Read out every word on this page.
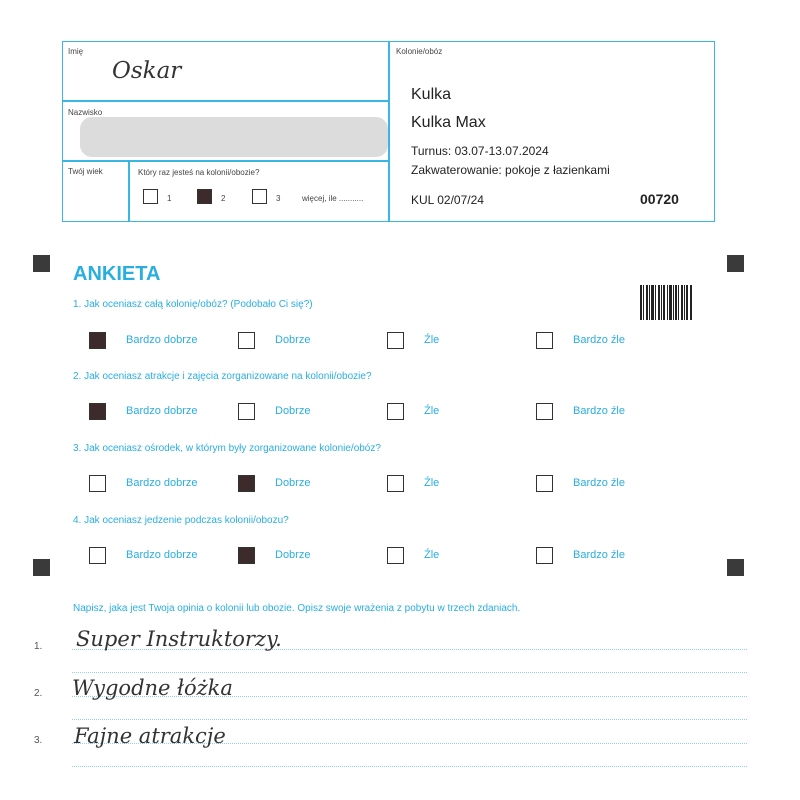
Imię
Oskar
Nazwisko
Twój wiek	Który raz jesteś na kolonii/obozie?
1	2	3	więcej, ile ...........
Kolonie/obóz
Kulka
Kulka Max
Turnus: 03.07-13.07.2024
Zakwaterowanie: pokoje z łazienkami
KUL 02/07/24	00720
ANKIETA
1. Jak oceniasz całą kolonię/obóz? (Podobało Ci się?)
2. Jak oceniasz atrakcje i zajęcia zorganizowane na kolonii/obozie?
3. Jak oceniasz ośrodek, w którym były zorganizowane kolonie/obóz?
4. Jak oceniasz jedzenie podczas kolonii/obozu?
Bardzo dobrze	Dobrze	Źle	Bardzo źle
Bardzo dobrze	Dobrze	Źle	Bardzo źle
Bardzo dobrze	Dobrze	Źle	Bardzo źle
Bardzo dobrze	Dobrze	Źle	Bardzo źle
Napisz, jaka jest Twoja opinia o kolonii lub obozie. Opisz swoje wrażenia z pobytu w trzech zdaniach.
1.
2.
3.
Super Instruktorzy.
Wygodne łóżka
Fajne atrakcje
